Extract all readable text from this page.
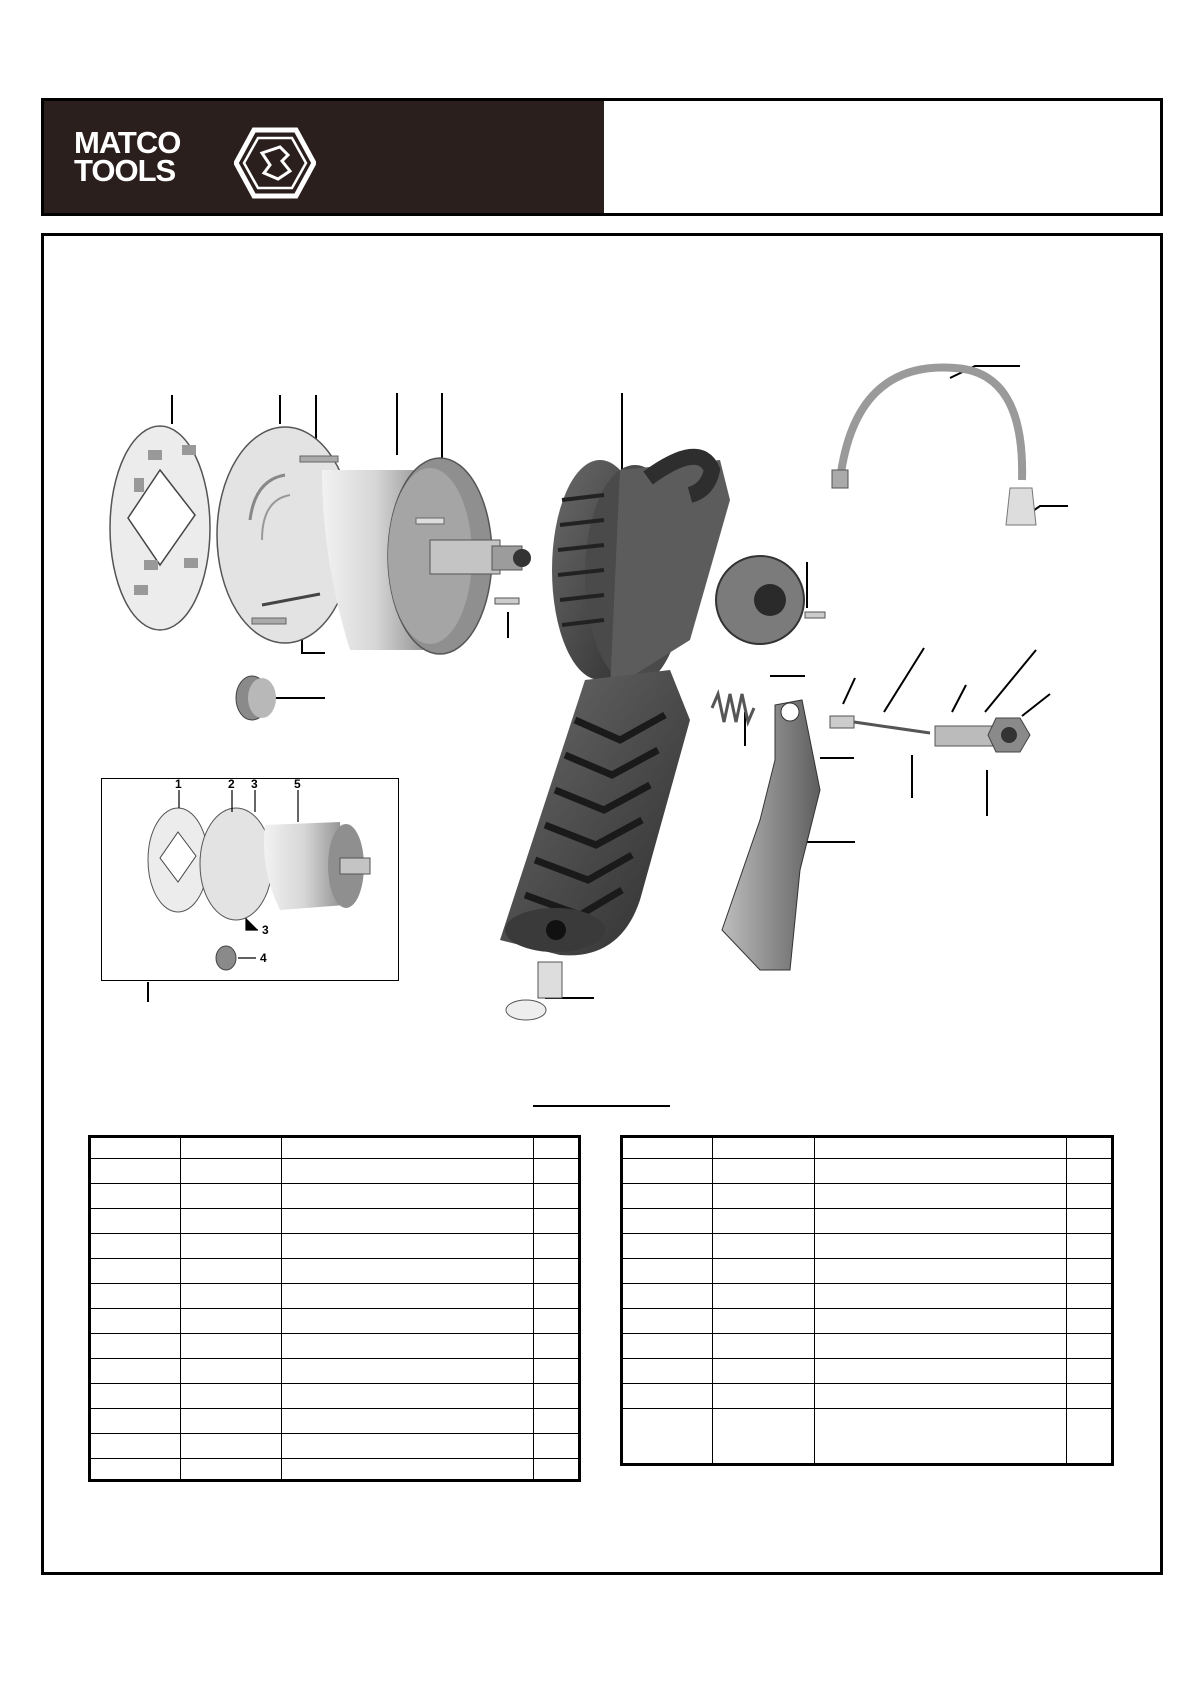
MATCO
TOOLS
1	2 3	5
3
4
